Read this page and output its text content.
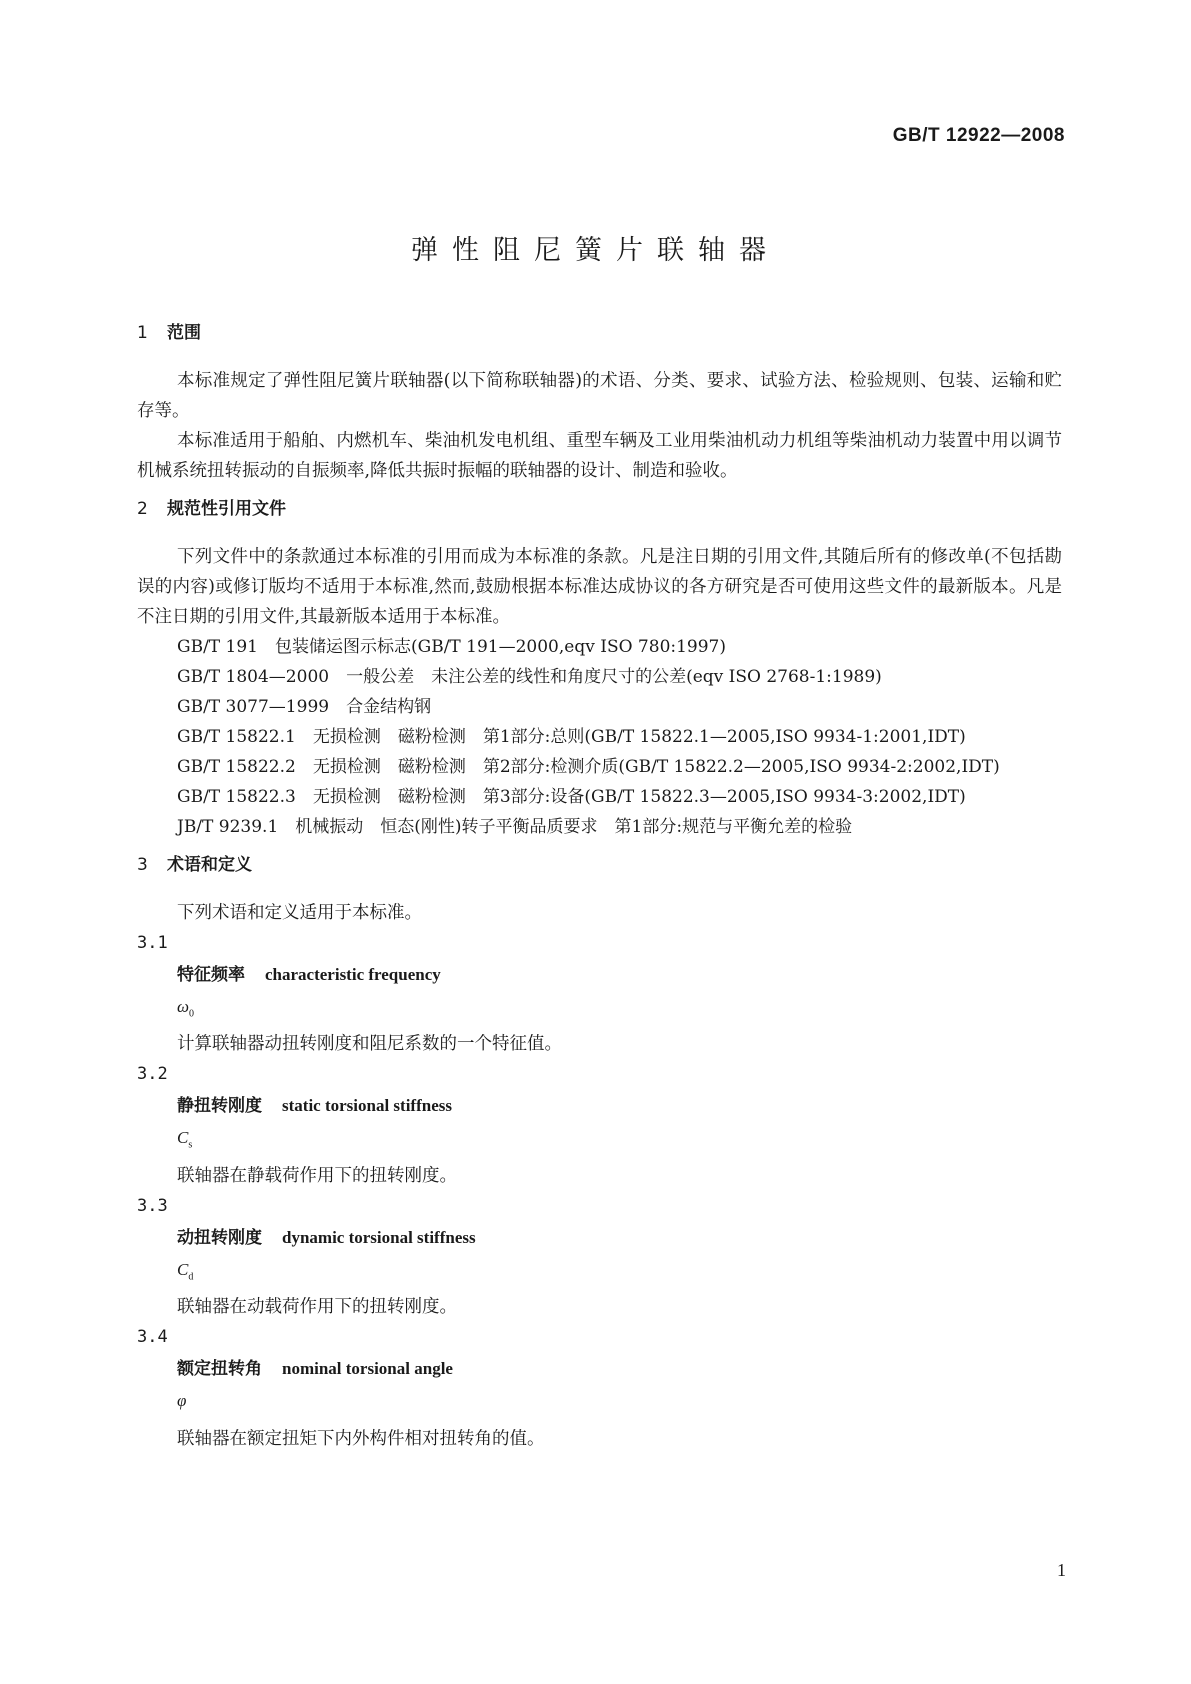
GB/T 12922—2008
弹性阻尼簧片联轴器
1 范围

本标准规定了弹性阻尼簧片联轴器(以下简称联轴器)的术语、分类、要求、试验方法、检验规则、包装、运输和贮存等。

本标准适用于船舶、内燃机车、柴油机发电机组、重型车辆及工业用柴油机动力机组等柴油机动力装置中用以调节机械系统扭转振动的自振频率,降低共振时振幅的联轴器的设计、制造和验收。

2 规范性引用文件

下列文件中的条款通过本标准的引用而成为本标准的条款。凡是注日期的引用文件,其随后所有的修改单(不包括勘误的内容)或修订版均不适用于本标准,然而,鼓励根据本标准达成协议的各方研究是否可使用这些文件的最新版本。凡是不注日期的引用文件,其最新版本适用于本标准。

GB/T 191　包装储运图示标志(GB/T 191—2000,eqv ISO 780:1997)

GB/T 1804—2000　一般公差　未注公差的线性和角度尺寸的公差(eqv ISO 2768-1:1989)

GB/T 3077—1999　合金结构钢

GB/T 15822.1　无损检测　磁粉检测　第1部分:总则(GB/T 15822.1—2005,ISO 9934-1:2001,IDT)

GB/T 15822.2　无损检测　磁粉检测　第2部分:检测介质(GB/T 15822.2—2005,ISO 9934-2:2002,IDT)

GB/T 15822.3　无损检测　磁粉检测　第3部分:设备(GB/T 15822.3—2005,ISO 9934-3:2002,IDT)

JB/T 9239.1　机械振动　恒态(刚性)转子平衡品质要求　第1部分:规范与平衡允差的检验

3 术语和定义

下列术语和定义适用于本标准。

3.1

特征频率 characteristic frequency

$\omega_0$

计算联轴器动扭转刚度和阻尼系数的一个特征值。

3.2

静扭转刚度 static torsional stiffness

$C_s$

联轴器在静载荷作用下的扭转刚度。

3.3

动扭转刚度 dynamic torsional stiffness

$C_d$

联轴器在动载荷作用下的扭转刚度。

3.4

额定扭转角 nominal torsional angle

φ

联轴器在额定扭矩下内外构件相对扭转角的值。

1
